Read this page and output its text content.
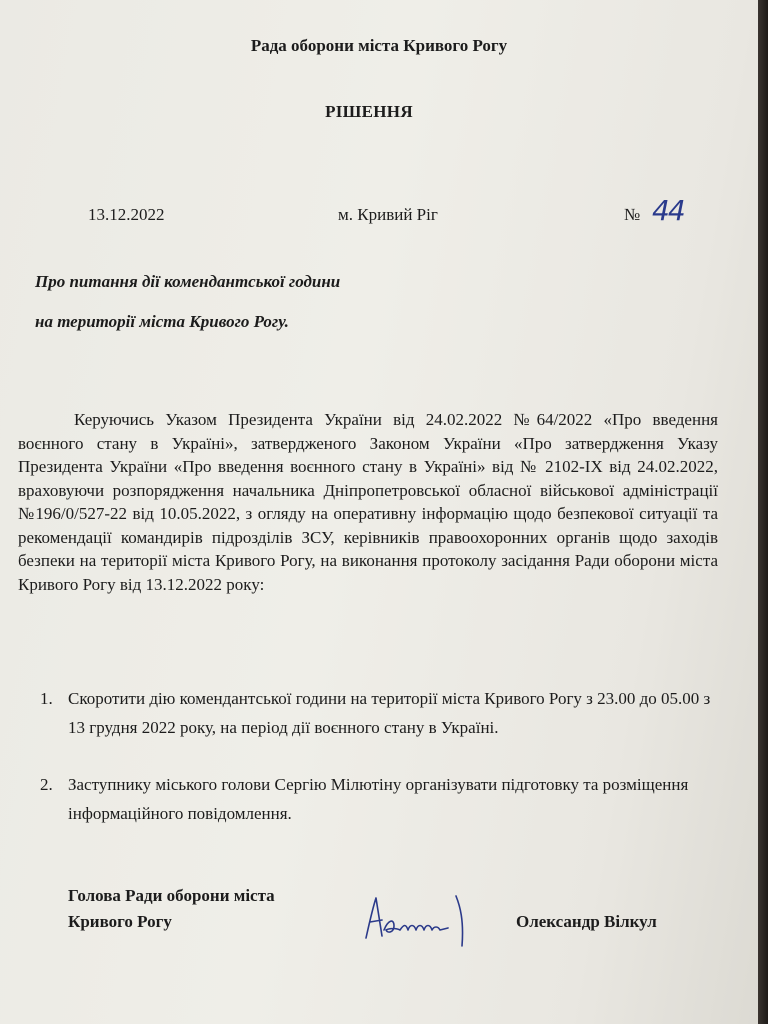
Рада оборони міста Кривого Рогу
РІШЕННЯ
13.12.2022	м. Кривий Ріг	№ 44
Про питання дії комендантської години
на території міста Кривого Рогу.
Керуючись Указом Президента України від 24.02.2022 №64/2022 «Про введення воєнного стану в Україні», затвердженого Законом України «Про затвердження Указу Президента України «Про введення воєнного стану в Україні» від № 2102-IX від 24.02.2022, враховуючи розпорядження начальника Дніпропетровської обласної військової адміністрації №196/0/527-22 від 10.05.2022, з огляду на оперативну інформацію щодо безпекової ситуації та рекомендації командирів підрозділів ЗСУ, керівників правоохоронних органів щодо заходів безпеки на території міста Кривого Рогу, на виконання протоколу засідання Ради оборони міста Кривого Рогу від 13.12.2022 року:
1. Скоротити дію комендантської години на території міста Кривого Рогу з 23.00 до 05.00 з 13 грудня 2022 року, на період дії воєнного стану в Україні.
2. Заступнику міського голови Сергію Мілютіну організувати підготовку та розміщення інформаційного повідомлення.
Голова Ради оборони міста
Кривого Рогу	Олександр Вілкул
